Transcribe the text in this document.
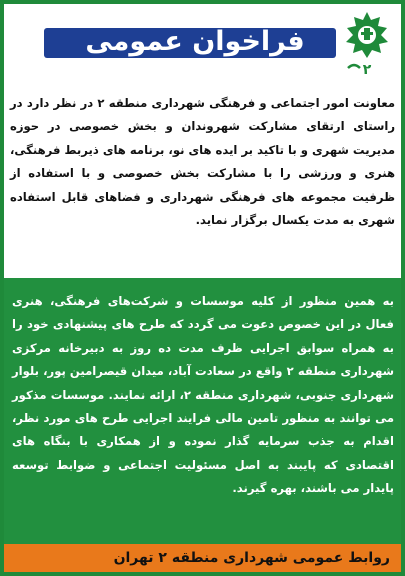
فراخوان عمومی
۲
معاونت امور اجتماعی و فرهنگی شهرداری منطقه ۲ در نظر دارد در راستای ارتقای مشارکت شهروندان و بخش خصوصی در حوزه مدیریت شهری و با تاکید بر ایده های نو، برنامه های ذیربط فرهنگی، هنری و ورزشی را با مشارکت بخش خصوصی و با استفاده از ظرفیت مجموعه های فرهنگی شهرداری و فضاهای قابل استفاده شهری به مدت یکسال برگزار نماید.
به همین منظور از کلیه موسسات و شرکت‌های فرهنگی، هنری فعال در این خصوص دعوت می گردد که طرح های پیشنهادی خود را به همراه سوابق اجرایی ظرف مدت ده روز به دبیرخانه مرکزی شهرداری منطقه ۲ واقع در سعادت آباد، میدان قیصرامین پور، بلوار شهرداری جنوبی، شهرداری منطقه ۲، ارائه نمایند. موسسات مذکور می توانند به منظور تامین مالی فرایند اجرایی طرح های مورد نظر، اقدام به جذب سرمایه گذار نموده و از همکاری با بنگاه های اقتصادی که پایبند به اصل مسئولیت اجتماعی و ضوابط توسعه پایدار می باشند، بهره گیرند.
روابط عمومی شهرداری منطقه ۲ تهران
